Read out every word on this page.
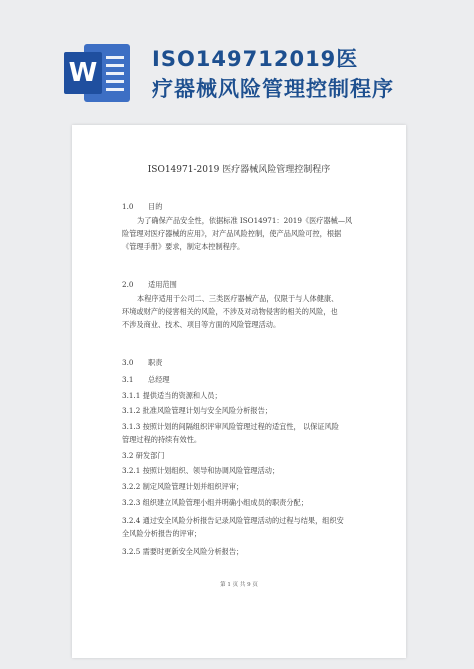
W	ISO149712019医
疗器械风险管理控制程序
ISO14971-2019 医疗器械风险管理控制程序
1.0 目的
为了确保产品安全性，依据标准 ISO14971：2019《医疗器械—风
险管理对医疗器械的应用》，对产品风险控制，使产品风险可控，根据
《管理手册》要求，制定本控制程序。
2.0 适用范围
本程序适用于公司二、三类医疗器械产品，仅限于与人体健康、
环境或财产的侵害相关的风险，不涉及对动物侵害的相关的风险，也
不涉及商业、技术、项目等方面的风险管理活动。
3.0 职责
3.1 总经理
3.1.1 提供适当的资源和人员；
3.1.2 批准风险管理计划与安全风险分析报告；
3.1.3 按照计划的间隔组织评审风险管理过程的适宜性， 以保证风险
管理过程的持续有效性。
3.2 研发部门
3.2.1 按照计划组织、领导和协调风险管理活动；
3.2.2 制定风险管理计划并组织评审；
3.2.3 组织建立风险管理小组并明确小组成员的职责分配；
3.2.4 通过安全风险分析报告记录风险管理活动的过程与结果，组织安
全风险分析报告的评审；
3.2.5 需要时更新安全风险分析报告；
第 1 页 共 9 页
